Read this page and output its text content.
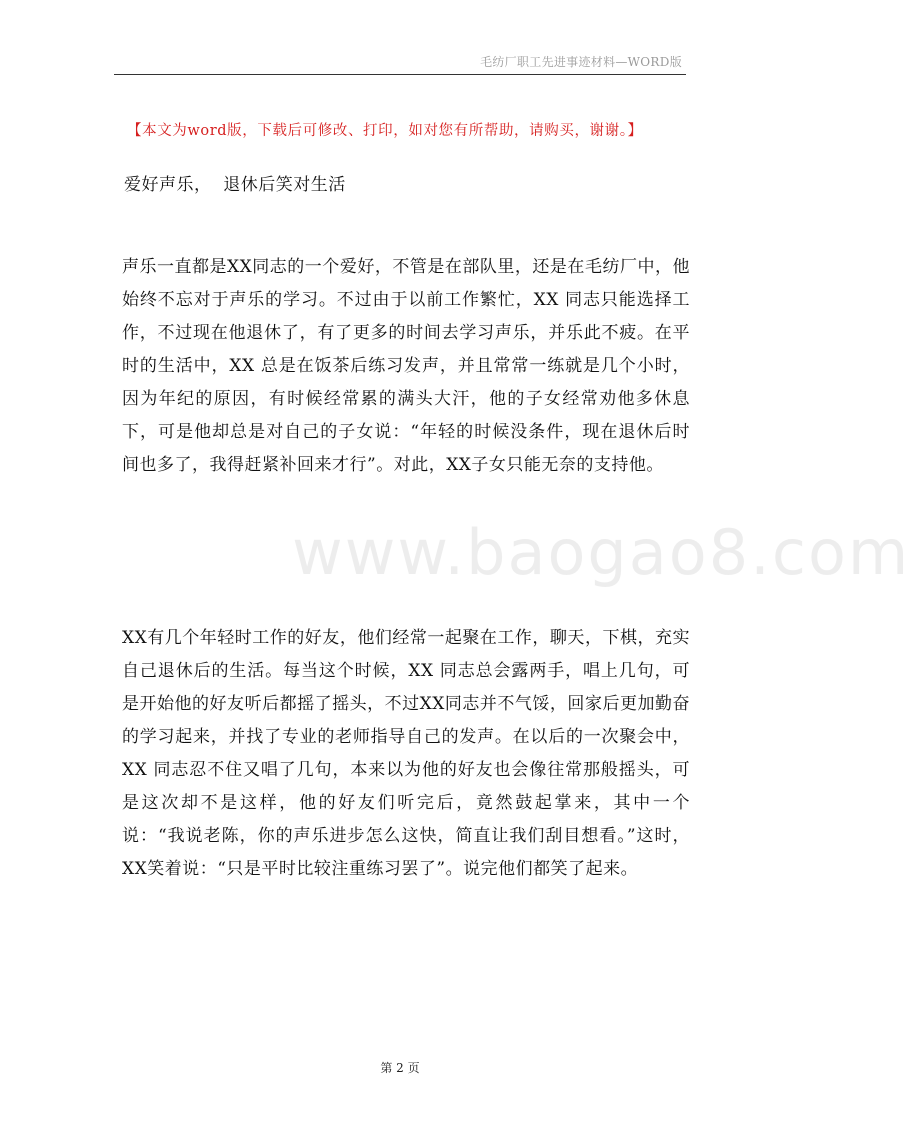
毛纺厂职工先进事迹材料—WORD版
【本文为word版，下载后可修改、打印，如对您有所帮助，请购买，谢谢。】
爱好声乐，  退休后笑对生活
声乐一直都是XX同志的一个爱好，不管是在部队里，还是在毛纺厂中，他始终不忘对于声乐的学习。不过由于以前工作繁忙，XX 同志只能选择工作，不过现在他退休了，有了更多的时间去学习声乐，并乐此不疲。在平时的生活中，XX 总是在饭茶后练习发声，并且常常一练就是几个小时，因为年纪的原因，有时候经常累的满头大汗，他的子女经常劝他多休息下，可是他却总是对自己的子女说：“年轻的时候没条件，现在退休后时间也多了，我得赶紧补回来才行”。对此，XX子女只能无奈的支持他。
www.baogao8.com
XX有几个年轻时工作的好友，他们经常一起聚在工作，聊天，下棋，充实自己退休后的生活。每当这个时候，XX 同志总会露两手，唱上几句，可是开始他的好友听后都摇了摇头，不过XX同志并不气馁，回家后更加勤奋的学习起来，并找了专业的老师指导自己的发声。在以后的一次聚会中，XX 同志忍不住又唱了几句，本来以为他的好友也会像往常那般摇头，可是这次却不是这样，他的好友们听完后，竟然鼓起掌来，其中一个说：“我说老陈，你的声乐进步怎么这快，简直让我们刮目想看。”这时，XX笑着说：“只是平时比较注重练习罢了”。说完他们都笑了起来。
第 2 页
